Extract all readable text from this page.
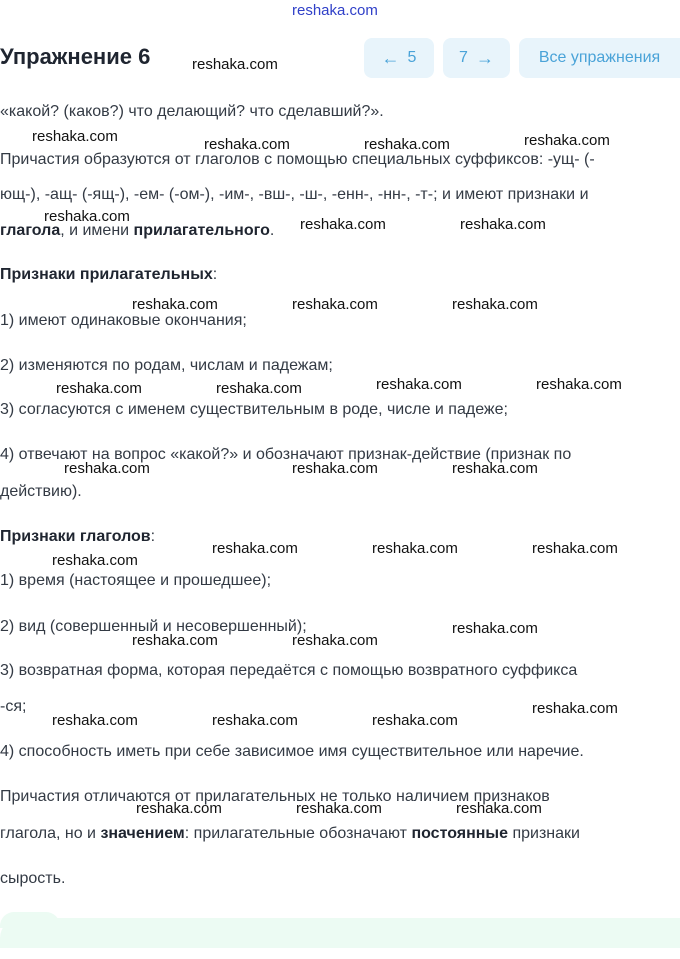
reshaka.com
Упражнение 6	← 5	7 →	Все упражнения
«какой? (каков?) что делающий? что сделавший?».
Причастия образуются от глаголов с помощью специальных суффиксов: -ущ- (-
ющ-), -ащ- (-ящ-), -ем- (-ом-), -им-, -вш-, -ш-, -енн-, -нн-, -т-; и имеют признаки и
глагола, и имени прилагательного.
Признаки прилагательных:
1) имеют одинаковые окончания;
2) изменяются по родам, числам и падежам;
3) согласуются с именем существительным в роде, числе и падеже;
4) отвечают на вопрос «какой?» и обозначают признак-действие (признак по
действию).
Признаки глаголов:
1) время (настоящее и прошедшее);
2) вид (совершенный и несовершенный);
3) возвратная форма, которая передаётся с помощью возвратного суффикса
-ся;
4) способность иметь при себе зависимое имя существительное или наречие.
Причастия отличаются от прилагательных не только наличием признаков
глагола, но и значением: прилагательные обозначают постоянные признаки
сырость.
reshaka.com
reshaka.com	reshaka.com	reshaka.com	reshaka.com
reshaka.com	reshaka.com	reshaka.com
reshaka.com	reshaka.com	reshaka.com
reshaka.com	reshaka.com	reshaka.com	reshaka.com
reshaka.com	reshaka.com	reshaka.com
reshaka.com	reshaka.com	reshaka.com
reshaka.com
reshaka.com
reshaka.com	reshaka.com
reshaka.com
reshaka.com	reshaka.com	reshaka.com
reshaka.com	reshaka.com	reshaka.com
